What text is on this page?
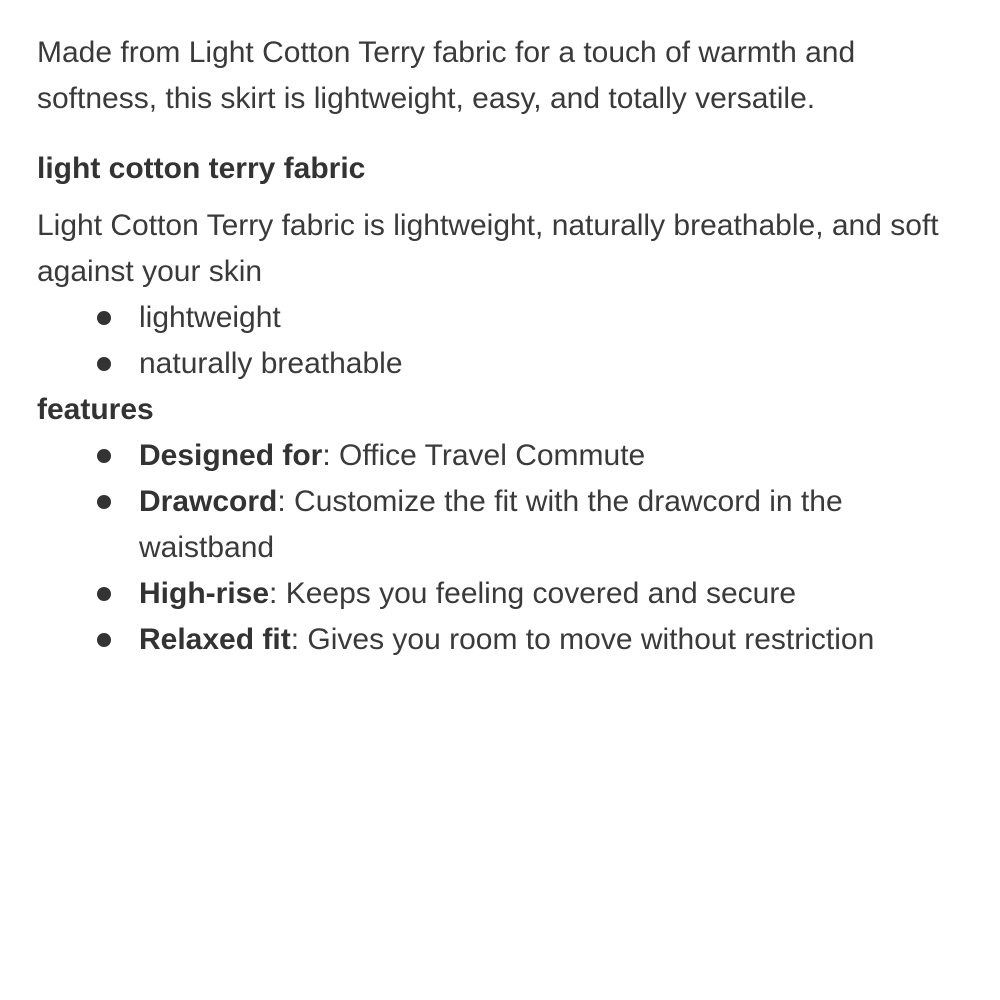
Made from Light Cotton Terry fabric for a touch of warmth and softness, this skirt is lightweight, easy, and totally versatile.

light cotton terry fabric

Light Cotton Terry fabric is lightweight, naturally breathable, and soft against your skin

lightweight
naturally breathable
features
Designed for: Office Travel Commute
Drawcord: Customize the fit with the drawcord in the waistband
High-rise: Keeps you feeling covered and secure
Relaxed fit: Gives you room to move without restriction
